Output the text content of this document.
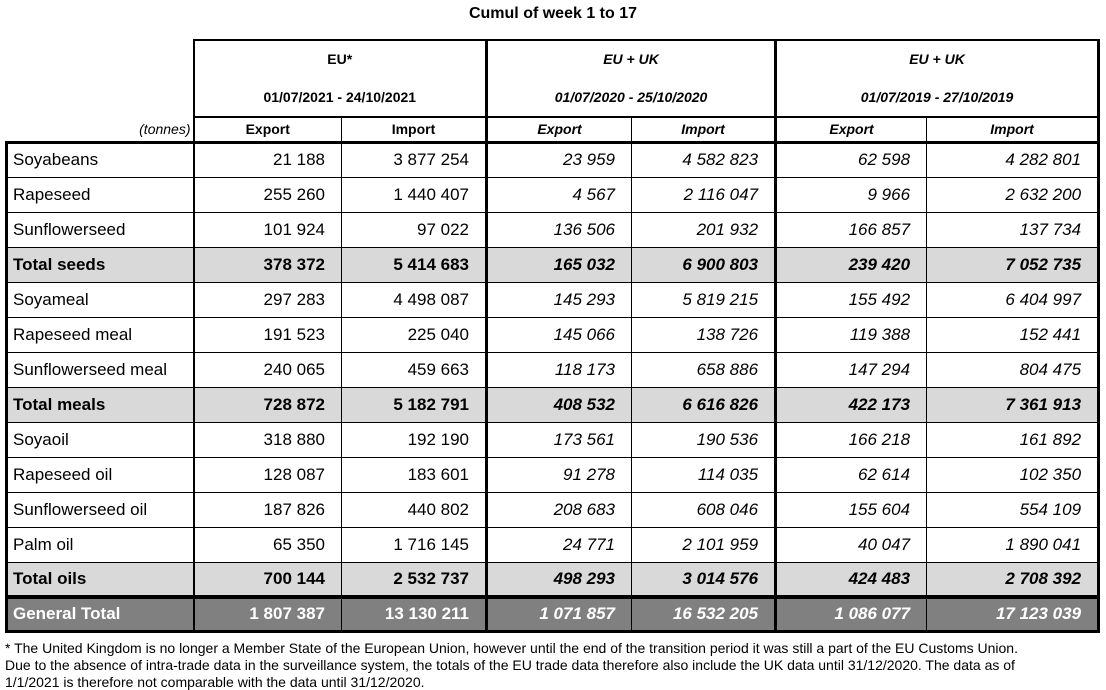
Cumul of week 1 to 17

EU*
01/07/2021 - 24/10/2021

EU + UK
01/07/2020 - 25/10/2020

EU + UK
01/07/2019 - 27/10/2019

(tonnes)	Export	Import	Export	Import	Export	Import
Soyabeans	21 188	3 877 254	23 959	4 582 823	62 598	4 282 801
Rapeseed	255 260	1 440 407	4 567	2 116 047	9 966	2 632 200
Sunflowerseed	101 924	97 022	136 506	201 932	166 857	137 734
Total seeds	378 372	5 414 683	165 032	6 900 803	239 420	7 052 735
Soyameal	297 283	4 498 087	145 293	5 819 215	155 492	6 404 997
Rapeseed meal	191 523	225 040	145 066	138 726	119 388	152 441
Sunflowerseed meal	240 065	459 663	118 173	658 886	147 294	804 475
Total meals	728 872	5 182 791	408 532	6 616 826	422 173	7 361 913
Soyaoil	318 880	192 190	173 561	190 536	166 218	161 892
Rapeseed oil	128 087	183 601	91 278	114 035	62 614	102 350
Sunflowerseed oil	187 826	440 802	208 683	608 046	155 604	554 109
Palm oil	65 350	1 716 145	24 771	2 101 959	40 047	1 890 041
Total oils	700 144	2 532 737	498 293	3 014 576	424 483	2 708 392
General Total	1 807 387	13 130 211	1 071 857	16 532 205	1 086 077	17 123 039
* The United Kingdom is no longer a Member State of the European Union, however until the end of the transition period it was still a part of the EU Customs Union.
Due to the absence of intra-trade data in the surveillance system, the totals of the EU trade data therefore also include the UK data until 31/12/2020. The data as of
1/1/2021 is therefore not comparable with the data until 31/12/2020.
